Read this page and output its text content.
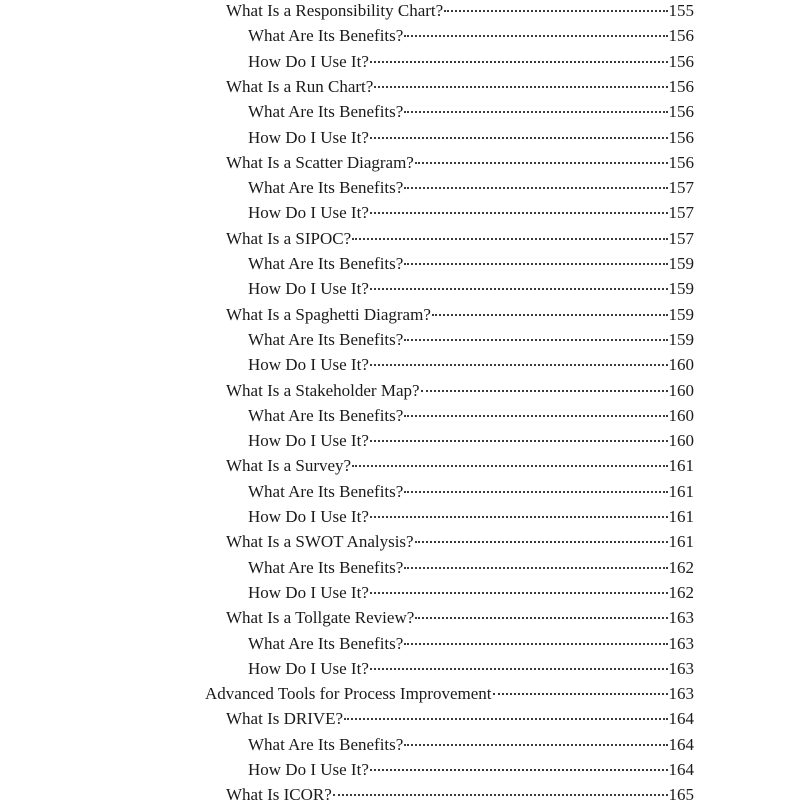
What Is a Responsibility Chart?	155
What Are Its Benefits?	156
How Do I Use It?	156
What Is a Run Chart?	156
What Are Its Benefits?	156
How Do I Use It?	156
What Is a Scatter Diagram?	156
What Are Its Benefits?	157
How Do I Use It?	157
What Is a SIPOC?	157
What Are Its Benefits?	159
How Do I Use It?	159
What Is a Spaghetti Diagram?	159
What Are Its Benefits?	159
How Do I Use It?	160
What Is a Stakeholder Map?	160
What Are Its Benefits?	160
How Do I Use It?	160
What Is a Survey?	161
What Are Its Benefits?	161
How Do I Use It?	161
What Is a SWOT Analysis?	161
What Are Its Benefits?	162
How Do I Use It?	162
What Is a Tollgate Review?	163
What Are Its Benefits?	163
How Do I Use It?	163
Advanced Tools for Process Improvement	163
What Is DRIVE?	164
What Are Its Benefits?	164
How Do I Use It?	164
What Is ICOR?	165
